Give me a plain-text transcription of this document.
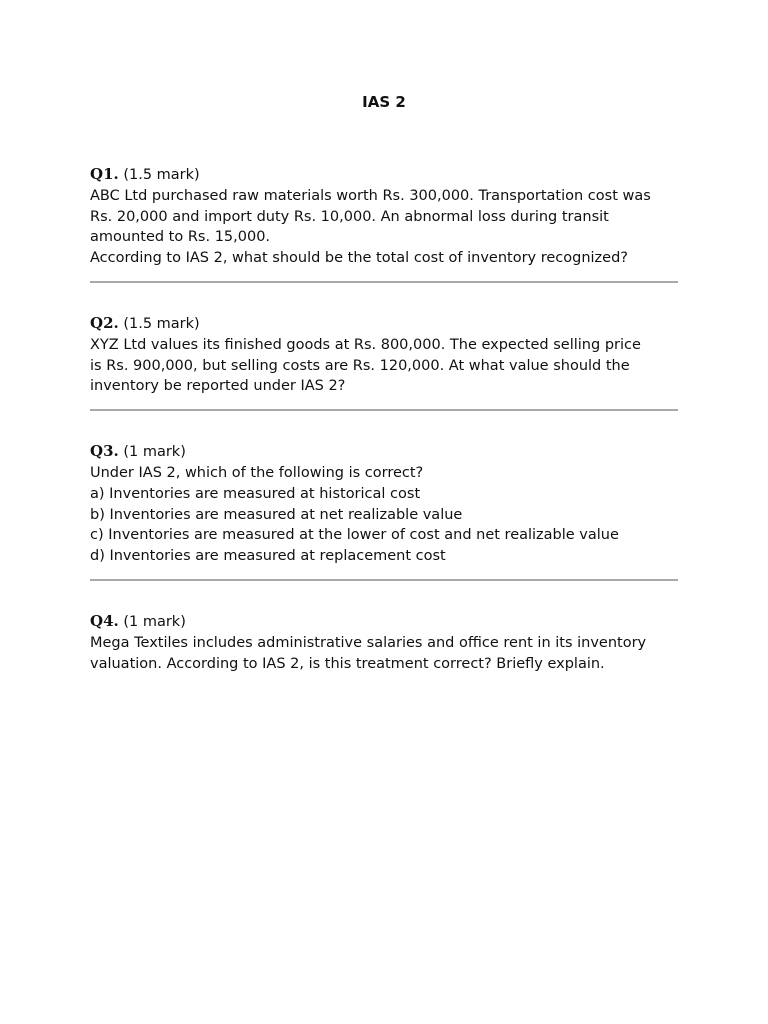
IAS 2
Q1. (1.5 mark)
ABC Ltd purchased raw materials worth Rs. 300,000. Transportation cost was
Rs. 20,000 and import duty Rs. 10,000. An abnormal loss during transit
amounted to Rs. 15,000.
According to IAS 2, what should be the total cost of inventory recognized?
Q2. (1.5 mark)
XYZ Ltd values its finished goods at Rs. 800,000. The expected selling price
is Rs. 900,000, but selling costs are Rs. 120,000. At what value should the
inventory be reported under IAS 2?
Q3. (1 mark)
Under IAS 2, which of the following is correct?
a) Inventories are measured at historical cost
b) Inventories are measured at net realizable value
c) Inventories are measured at the lower of cost and net realizable value
d) Inventories are measured at replacement cost
Q4. (1 mark)
Mega Textiles includes administrative salaries and office rent in its inventory
valuation. According to IAS 2, is this treatment correct? Briefly explain.
